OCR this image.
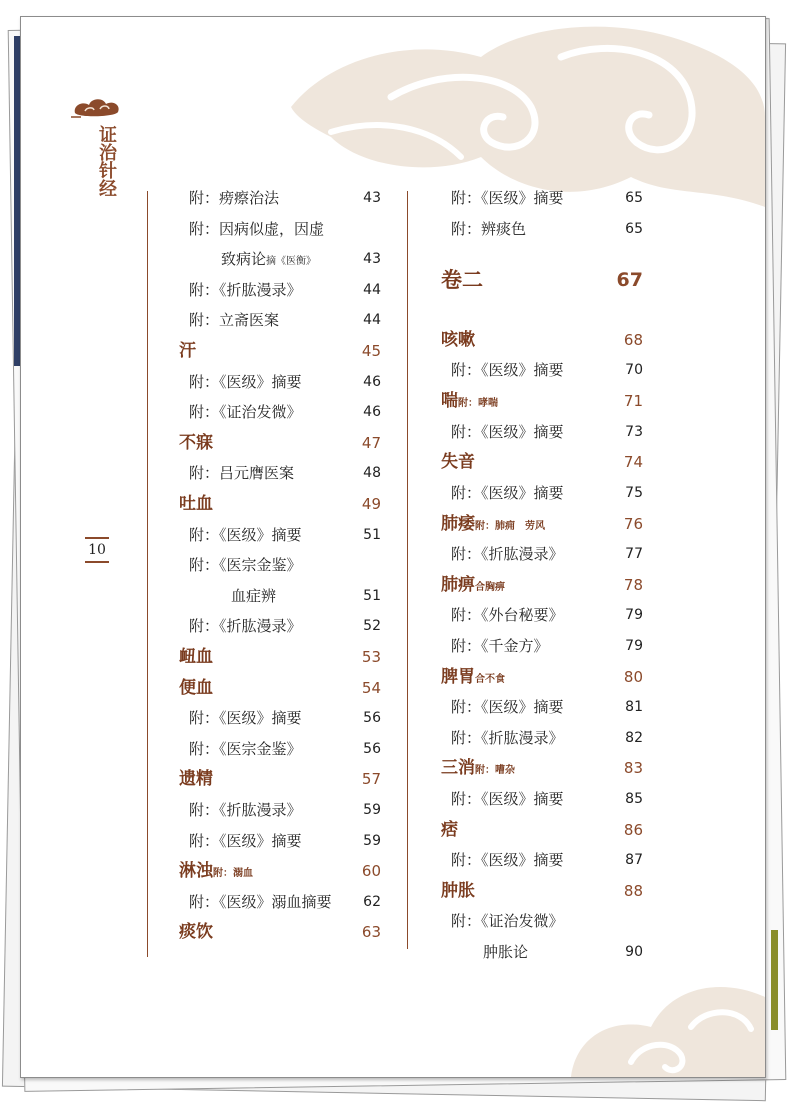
证治针经
10
附：痨瘵治法	43
附：因病似虚，因虚
致病论摘《医衡》	43
附：《折肱漫录》	44
附：立斋医案	44
汗	45
附：《医级》摘要	46
附：《证治发微》	46
不寐	47
附：吕元膺医案	48
吐血	49
附：《医级》摘要	51
附：《医宗金鉴》
血症辨	51
附：《折肱漫录》	52
衄血	53
便血	54
附：《医级》摘要	56
附：《医宗金鉴》	56
遗精	57
附：《折肱漫录》	59
附：《医级》摘要	59
淋浊附：溺血	60
附：《医级》溺血摘要 62
痰饮	63
附：《医级》摘要	65
附：辨痰色	65
卷二	67
咳嗽	68
附：《医级》摘要	70
喘附：哮喘	71
附：《医级》摘要	73
失音	74
附：《医级》摘要	75
肺痿附：肺痈　劳风	76
附：《折肱漫录》	77
肺痹合胸痹	78
附：《外台秘要》	79
附：《千金方》	79
脾胃合不食	80
附：《医级》摘要	81
附：《折肱漫录》	82
三消附：嘈杂	83
附：《医级》摘要	85
痞	86
附：《医级》摘要	87
肿胀	88
附：《证治发微》
肿胀论	90
